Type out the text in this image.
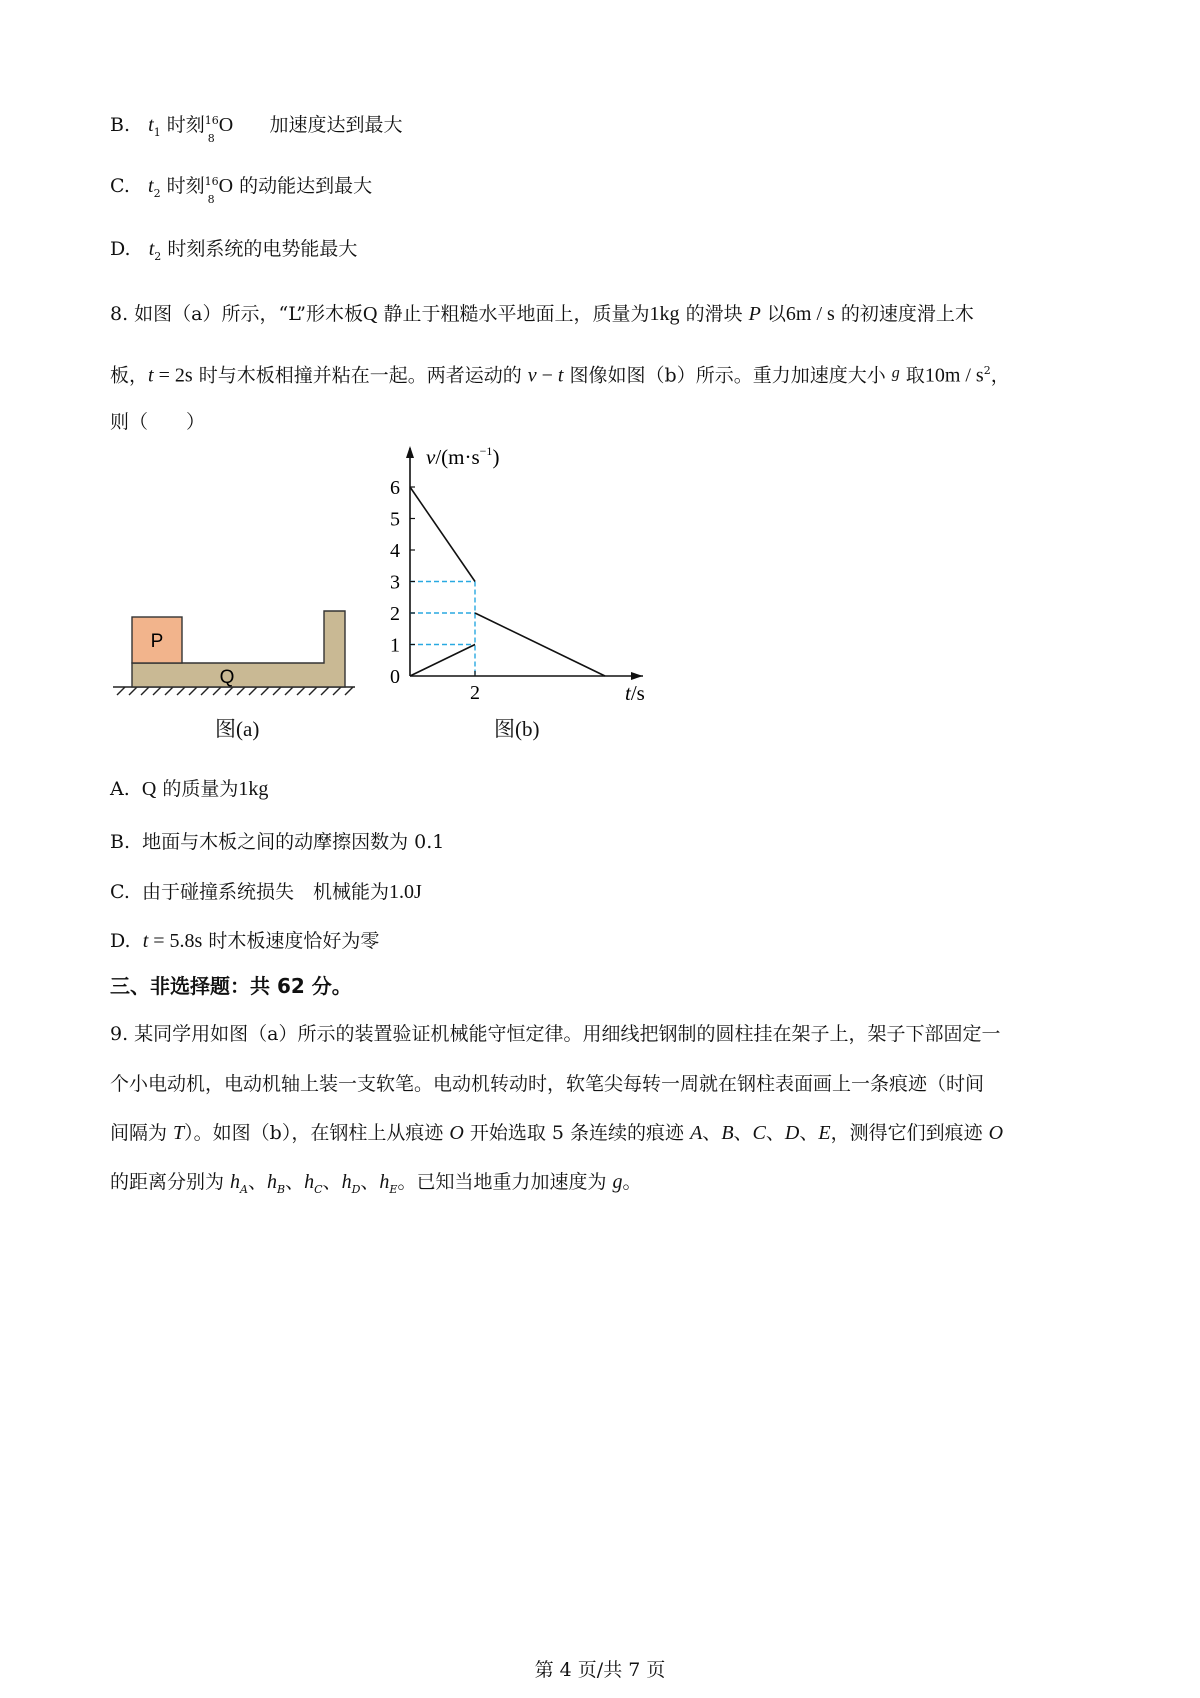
B. $t_1$ 时刻 16
8
O 加速度达到最大
C. $t_2$ 时刻 16
8
O 的动能达到最大
D. $t_2$ 时刻系统的电势能最大
8. 如图（a）所示，“L”形木板Q 静止于粗糙水平地面上，质量为1kg 的滑块 P 以6m / s 的初速度滑上木
板，t = 2s 时与木板相撞并粘在一起。两者运动的 v − t 图像如图（b）所示。重力加速度大小 $^g$ 取$10m / s^2$，
则（　　）
P
Q
图(a)
0
1
2
3
4
5
6
2
$v/(m\cdot s^{-1})$
t/s
图(b)
A. Q 的质量为1kg
B. 地面与木板之间的动摩擦因数为 0.1
C. 由于碰撞系统损失　机械能为1.0J
D. t = 5.8s 时木板速度恰好为零
三、非选择题：共 62 分。
9. 某同学用如图（a）所示的装置验证机械能守恒定律。用细线把钢制的圆柱挂在架子上，架子下部固定一
个小电动机，电动机轴上装一支软笔。电动机转动时，软笔尖每转一周就在钢柱表面画上一条痕迹（时间
间隔为 T）。如图（b），在钢柱上从痕迹 O 开始选取 5 条连续的痕迹 A、B、C、D、E，测得它们到痕迹 O
的距离分别为 $h_A$、$h_B$、$h_C$、$h_D$、$h_E$。已知当地重力加速度为 g。
第 4 页/共 7 页
